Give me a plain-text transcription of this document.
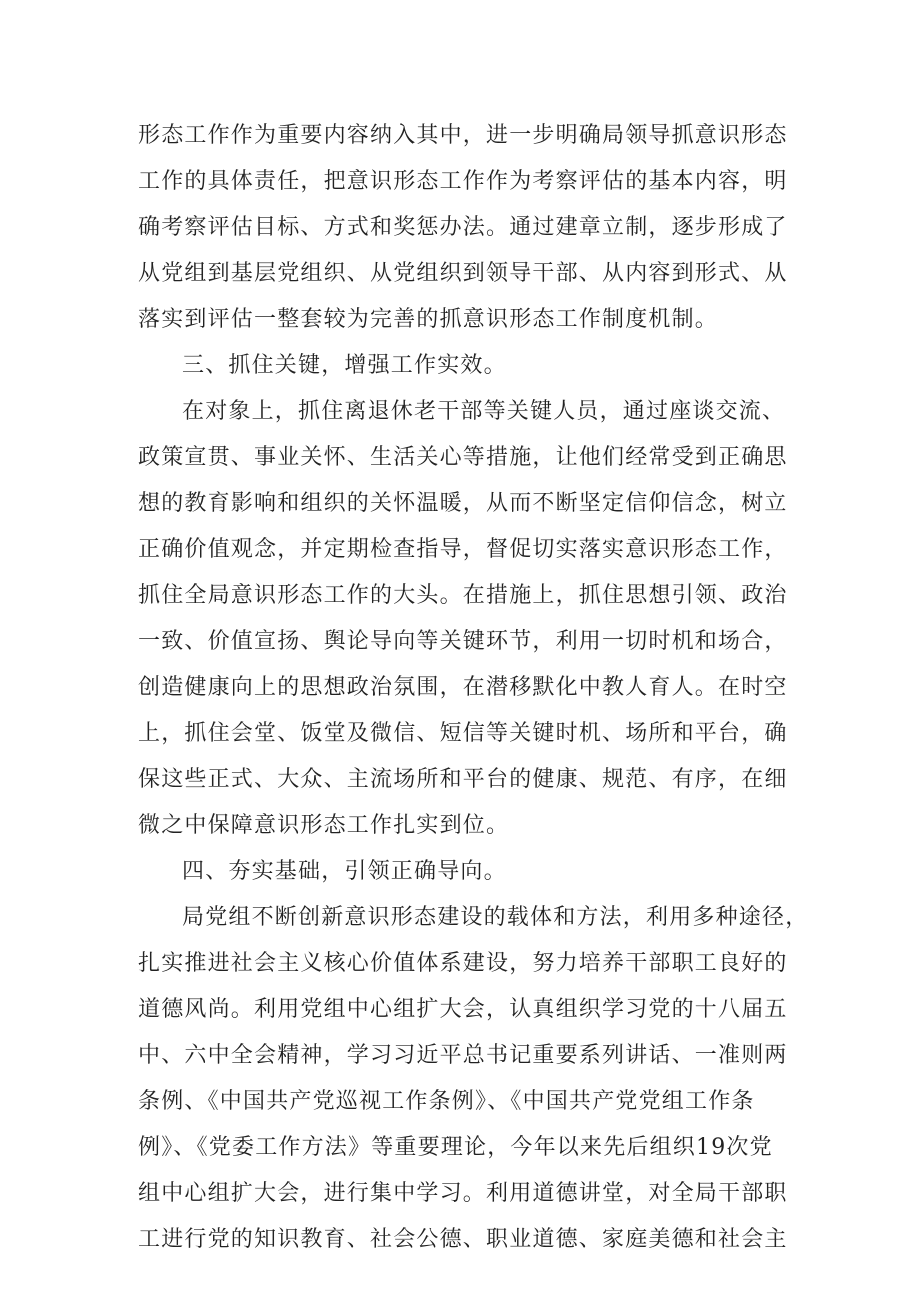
形态工作作为重要内容纳入其中，进一步明确局领导抓意识形态
工作的具体责任，把意识形态工作作为考察评估的基本内容，明
确考察评估目标、方式和奖惩办法。通过建章立制，逐步形成了
从党组到基层党组织、从党组织到领导干部、从内容到形式、从
落实到评估一整套较为完善的抓意识形态工作制度机制。
三、抓住关键，增强工作实效。
在对象上，抓住离退休老干部等关键人员，通过座谈交流、
政策宣贯、事业关怀、生活关心等措施，让他们经常受到正确思
想的教育影响和组织的关怀温暖，从而不断坚定信仰信念，树立
正确价值观念，并定期检查指导，督促切实落实意识形态工作，
抓住全局意识形态工作的大头。在措施上，抓住思想引领、政治
一致、价值宣扬、舆论导向等关键环节，利用一切时机和场合，
创造健康向上的思想政治氛围，在潜移默化中教人育人。在时空
上，抓住会堂、饭堂及微信、短信等关键时机、场所和平台，确
保这些正式、大众、主流场所和平台的健康、规范、有序，在细
微之中保障意识形态工作扎实到位。
四、夯实基础，引领正确导向。
局党组不断创新意识形态建设的载体和方法，利用多种途径，
扎实推进社会主义核心价值体系建设，努力培养干部职工良好的
道德风尚。利用党组中心组扩大会，认真组织学习党的十八届五
中、六中全会精神，学习习近平总书记重要系列讲话、一准则两
条例、《中国共产党巡视工作条例》、《中国共产党党组工作条
例》、《党委工作方法》等重要理论，今年以来先后组织19次党
组中心组扩大会，进行集中学习。利用道德讲堂，对全局干部职
工进行党的知识教育、社会公德、职业道德、家庭美德和社会主
